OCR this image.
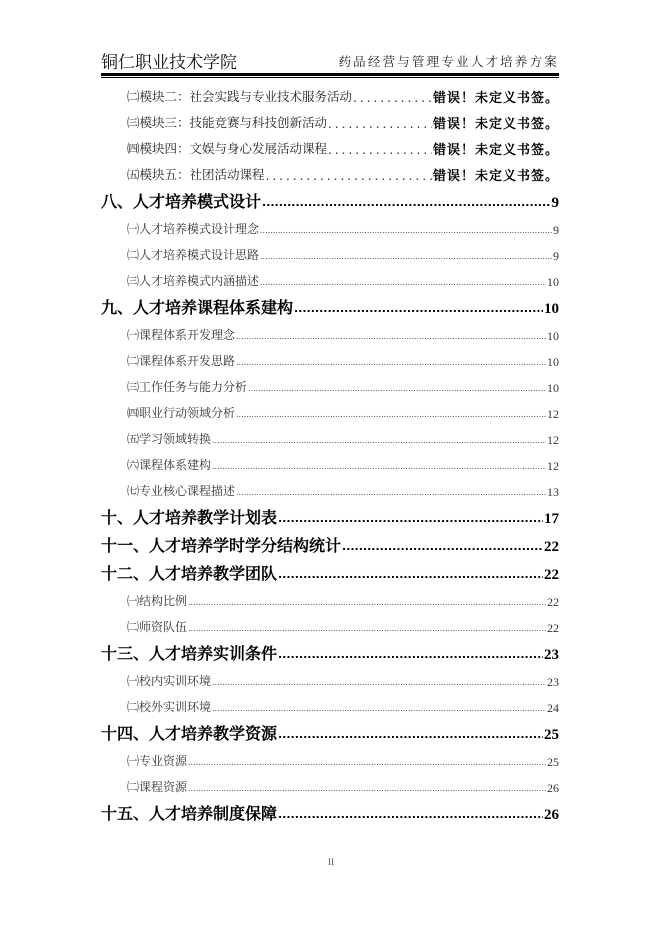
铜仁职业技术学院	药品经营与管理专业人才培养方案
㈡模块二：社会实践与专业技术服务活动 .....	错误！未定义书签。
㈢模块三：技能竞赛与科技创新活动 .....	错误！未定义书签。
㈣模块四：文娱与身心发展活动课程 .....	错误！未定义书签。
㈤模块五：社团活动课程 .....	错误！未定义书签。
八、人才培养模式设计 .....	9
㈠人才培养模式设计理念 .....	9
㈡人才培养模式设计思路 .....	9
㈢人才培养模式内涵描述 .....	10
九、人才培养课程体系建构 .....	10
㈠课程体系开发理念 .....	10
㈡课程体系开发思路 .....	10
㈢工作任务与能力分析 .....	10
㈣职业行动领域分析 .....	12
㈤学习领域转换 .....	12
㈥课程体系建构 .....	12
㈦专业核心课程描述 .....	13
十、人才培养教学计划表 .....	17
十一、人才培养学时学分结构统计 .....	22
十二、人才培养教学团队 .....	22
㈠结构比例 .....	22
㈡师资队伍 .....	22
十三、人才培养实训条件 .....	23
㈠校内实训环境 .....	23
㈡校外实训环境 .....	24
十四、人才培养教学资源 .....	25
㈠专业资源 .....	25
㈡课程资源 .....	26
十五、人才培养制度保障 .....	26
II
